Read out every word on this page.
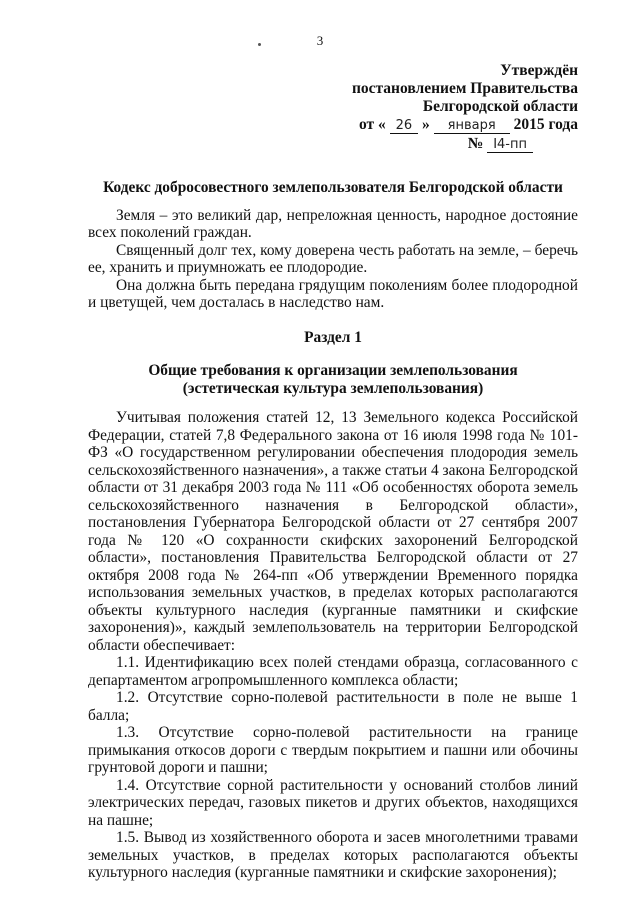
3
Утверждён
постановлением Правительства
Белгородской области
от « 26 » января 2015 года
№ I4-пп
Кодекс добросовестного землепользователя Белгородской области

Земля – это великий дар, непреложная ценность, народное достояние всех поколений граждан.

Священный долг тех, кому доверена честь работать на земле, – беречь ее, хранить и приумножать ее плодородие.

Она должна быть передана грядущим поколениям более плодородной и цветущей, чем досталась в наследство нам.

Раздел 1
Общие требования к организации землепользования
(эстетическая культура землепользования)

Учитывая положения статей 12, 13 Земельного кодекса Российской Федерации, статей 7,8 Федерального закона от 16 июля 1998 года № 101-ФЗ «О государственном регулировании обеспечения плодородия земель сельскохозяйственного назначения», а также статьи 4 закона Белгородской области от 31 декабря 2003 года № 111 «Об особенностях оборота земель сельскохозяйственного назначения в Белгородской области», постановления Губернатора Белгородской области от 27 сентября 2007 года № 120 «О сохранности скифских захоронений Белгородской области», постановления Правительства Белгородской области от 27 октября 2008 года № 264-пп «Об утверждении Временного порядка использования земельных участков, в пределах которых располагаются объекты культурного наследия (курганные памятники и скифские захоронения)», каждый землепользователь на территории Белгородской области обеспечивает:

1.1. Идентификацию всех полей стендами образца, согласованного с департаментом агропромышленного комплекса области;

1.2. Отсутствие сорно-полевой растительности в поле не выше 1 балла;

1.3. Отсутствие сорно-полевой растительности на границе примыкания откосов дороги с твердым покрытием и пашни или обочины грунтовой дороги и пашни;

1.4. Отсутствие сорной растительности у оснований столбов линий электрических передач, газовых пикетов и других объектов, находящихся на пашне;

1.5. Вывод из хозяйственного оборота и засев многолетними травами земельных участков, в пределах которых располагаются объекты культурного наследия (курганные памятники и скифские захоронения);
